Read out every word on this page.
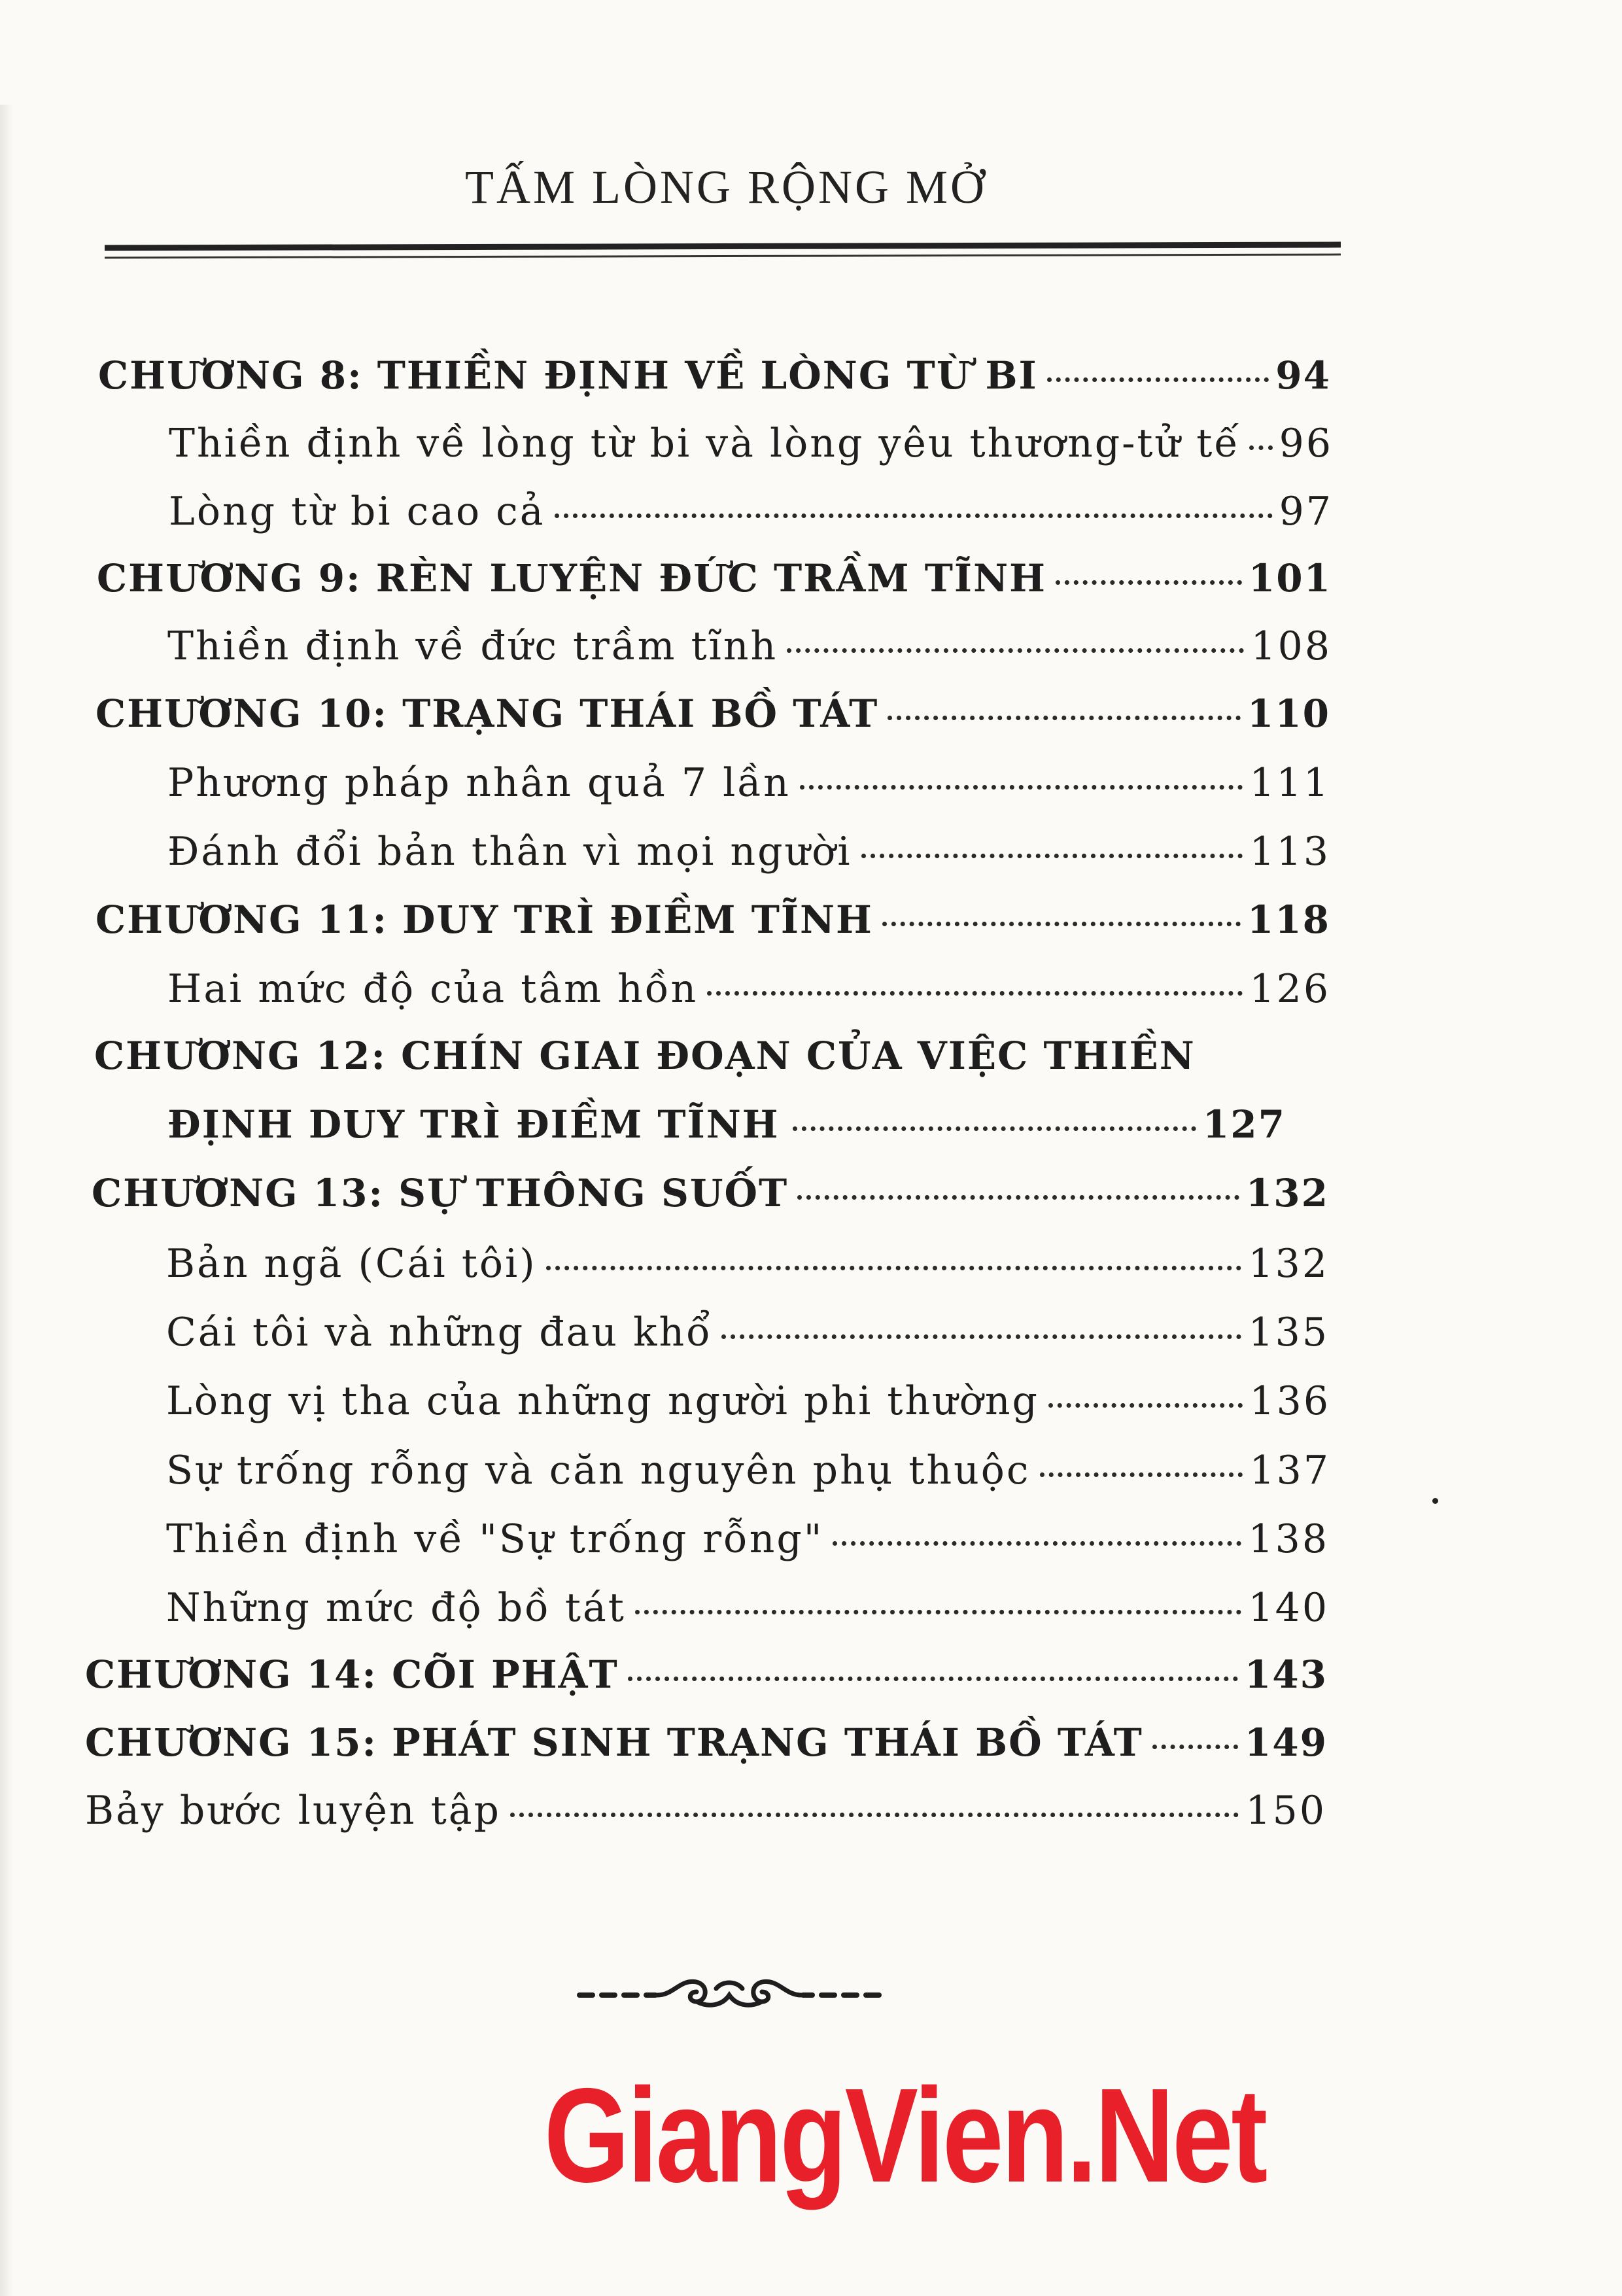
TẤM LÒNG RỘNG MỞ
CHƯƠNG 8: THIỀN ĐỊNH VỀ LÒNG TỪ BI	94
Thiền định về lòng từ bi và lòng yêu thương-tử tế 96
Lòng từ bi cao cả	97
CHƯƠNG 9: RÈN LUYỆN ĐỨC TRẦM TĨNH	101
Thiền định về đức trầm tĩnh	108
CHƯƠNG 10: TRẠNG THÁI BỒ TÁT	110
Phương pháp nhân quả 7 lần	111
Đánh đổi bản thân vì mọi người	113
CHƯƠNG 11: DUY TRÌ ĐIỀM TĨNH	118
Hai mức độ của tâm hồn	126
CHƯƠNG 12: CHÍN GIAI ĐOẠN CỦA VIỆC THIỀN
ĐỊNH DUY TRÌ ĐIỀM TĨNH	127
CHƯƠNG 13: SỰ THÔNG SUỐT	132
Bản ngã (Cái tôi)	132
Cái tôi và những đau khổ	135
Lòng vị tha của những người phi thường	136
Sự trống rỗng và căn nguyên phụ thuộc	137
Thiền định về "Sự trống rỗng"	138
Những mức độ bồ tát	140
CHƯƠNG 14: CÕI PHẬT	143
CHƯƠNG 15: PHÁT SINH TRẠNG THÁI BỒ TÁT	149
Bảy bước luyện tập	150
GiangVien.Net
